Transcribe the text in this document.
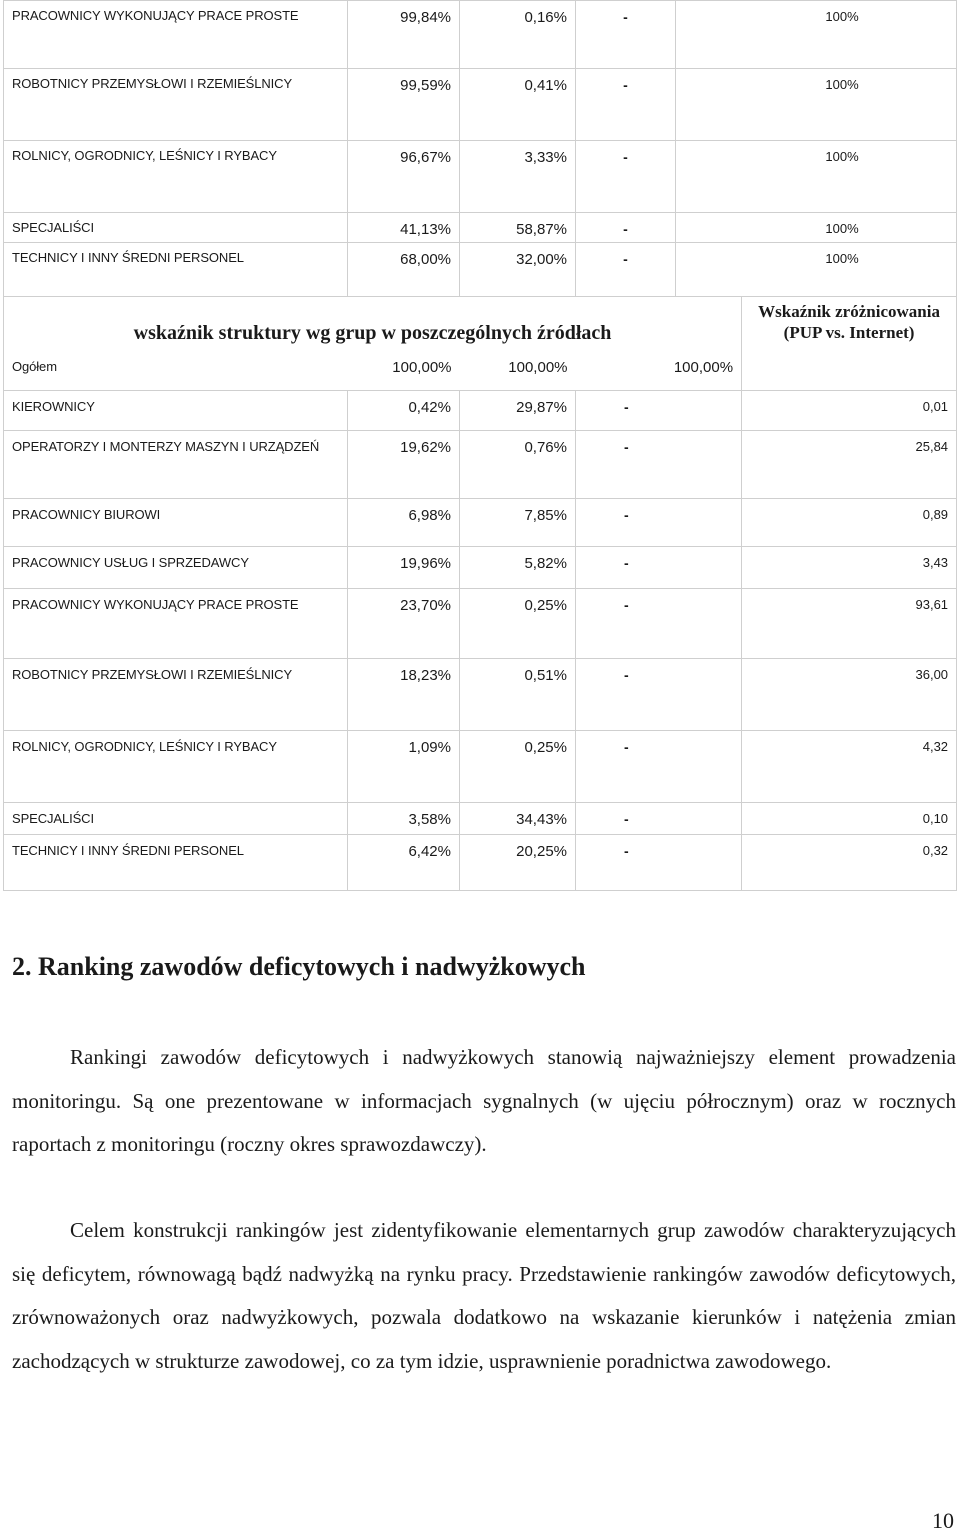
PRACOWNICY WYKONUJĄCY PRACE PROSTE	99,84%	0,16%	-	100%
ROBOTNICY PRZEMYSŁOWI I RZEMIEŚLNICY	99,59%	0,41%	-	100%
ROLNICY, OGRODNICY, LEŚNICY I RYBACY	96,67%	3,33%	-	100%
SPECJALIŚCI	41,13%	58,87%	-	100%
TECHNICY I INNY ŚREDNI PERSONEL	68,00%	32,00%	-	100%
wskaźnik struktury wg grup w poszczególnych źródłach				Wskaźnik zróżnicowania (PUP vs. Internet)
Ogółem	100,00%	100,00%	100,00%	
KIEROWNICY	0,42%	29,87%	-	0,01
OPERATORZY I MONTERZY MASZYN I URZĄDZEŃ	19,62%	0,76%	-	25,84
PRACOWNICY BIUROWI	6,98%	7,85%	-	0,89
PRACOWNICY USŁUG I SPRZEDAWCY	19,96%	5,82%	-	3,43
PRACOWNICY WYKONUJĄCY PRACE PROSTE	23,70%	0,25%	-	93,61
ROBOTNICY PRZEMYSŁOWI I RZEMIEŚLNICY	18,23%	0,51%	-	36,00
ROLNICY, OGRODNICY, LEŚNICY I RYBACY	1,09%	0,25%	-	4,32
SPECJALIŚCI	3,58%	34,43%	-	0,10
TECHNICY I INNY ŚREDNI PERSONEL	6,42%	20,25%	-	0,32
2. Ranking zawodów deficytowych i nadwyżkowych

Rankingi zawodów deficytowych i nadwyżkowych stanowią najważniejszy element prowadzenia monitoringu. Są one prezentowane w informacjach sygnalnych (w ujęciu półrocznym) oraz w rocznych raportach z monitoringu (roczny okres sprawozdawczy).

Celem konstrukcji rankingów jest zidentyfikowanie elementarnych grup zawodów charakteryzujących się deficytem, równowagą bądź nadwyżką na rynku pracy. Przedstawienie rankingów zawodów deficytowych, zrównoważonych oraz nadwyżkowych, pozwala dodatkowo na wskazanie kierunków i natężenia zmian zachodzących w strukturze zawodowej, co za tym idzie, usprawnienie poradnictwa zawodowego.

10
